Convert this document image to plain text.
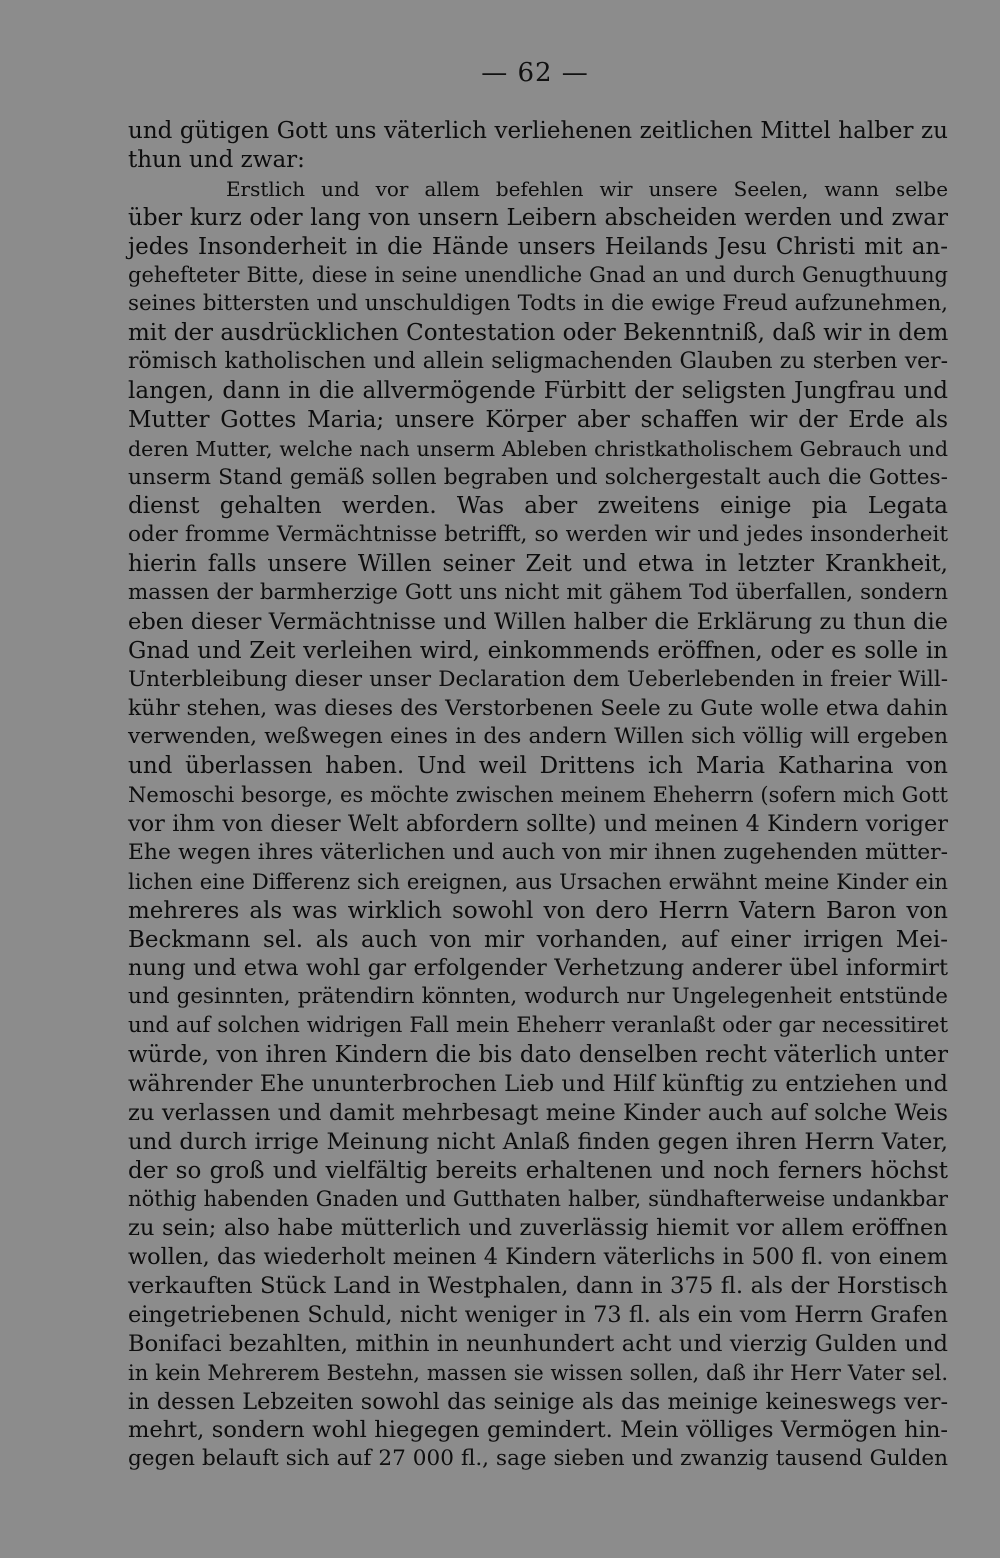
— 62 —
und gütigen Gott uns väterlich verliehenen zeitlichen Mittel halber zu
thun und zwar:
Erstlich und vor allem befehlen wir unsere Seelen, wann selbe
über kurz oder lang von unsern Leibern abscheiden werden und zwar
jedes Insonderheit in die Hände unsers Heilands Jesu Christi mit an-
gehefteter Bitte, diese in seine unendliche Gnad an und durch Genugthuung
seines bittersten und unschuldigen Todts in die ewige Freud aufzunehmen,
mit der ausdrücklichen Contestation oder Bekenntniß, daß wir in dem
römisch katholischen und allein seligmachenden Glauben zu sterben ver-
langen, dann in die allvermögende Fürbitt der seligsten Jungfrau und
Mutter Gottes Maria; unsere Körper aber schaffen wir der Erde als
deren Mutter, welche nach unserm Ableben christkatholischem Gebrauch und
unserm Stand gemäß sollen begraben und solchergestalt auch die Gottes-
dienst gehalten werden. Was aber zweitens einige pia Legata
oder fromme Vermächtnisse betrifft, so werden wir und jedes insonderheit
hierin falls unsere Willen seiner Zeit und etwa in letzter Krankheit,
massen der barmherzige Gott uns nicht mit gähem Tod überfallen, sondern
eben dieser Vermächtnisse und Willen halber die Erklärung zu thun die
Gnad und Zeit verleihen wird, einkommends eröffnen, oder es solle in
Unterbleibung dieser unser Declaration dem Ueberlebenden in freier Will-
kühr stehen, was dieses des Verstorbenen Seele zu Gute wolle etwa dahin
verwenden, weßwegen eines in des andern Willen sich völlig will ergeben
und überlassen haben. Und weil Drittens ich Maria Katharina von
Nemoschi besorge, es möchte zwischen meinem Eheherrn (sofern mich Gott
vor ihm von dieser Welt abfordern sollte) und meinen 4 Kindern voriger
Ehe wegen ihres väterlichen und auch von mir ihnen zugehenden mütter-
lichen eine Differenz sich ereignen, aus Ursachen erwähnt meine Kinder ein
mehreres als was wirklich sowohl von dero Herrn Vatern Baron von
Beckmann sel. als auch von mir vorhanden, auf einer irrigen Mei-
nung und etwa wohl gar erfolgender Verhetzung anderer übel informirt
und gesinnten, prätendirn könnten, wodurch nur Ungelegenheit entstünde
und auf solchen widrigen Fall mein Eheherr veranlaßt oder gar necessitiret
würde, von ihren Kindern die bis dato denselben recht väterlich unter
währender Ehe ununterbrochen Lieb und Hilf künftig zu entziehen und
zu verlassen und damit mehrbesagt meine Kinder auch auf solche Weis
und durch irrige Meinung nicht Anlaß finden gegen ihren Herrn Vater,
der so groß und vielfältig bereits erhaltenen und noch ferners höchst
nöthig habenden Gnaden und Gutthaten halber, sündhafterweise undankbar
zu sein; also habe mütterlich und zuverlässig hiemit vor allem eröffnen
wollen, das wiederholt meinen 4 Kindern väterlichs in 500 fl. von einem
verkauften Stück Land in Westphalen, dann in 375 fl. als der Horstisch
eingetriebenen Schuld, nicht weniger in 73 fl. als ein vom Herrn Grafen
Bonifaci bezahlten, mithin in neunhundert acht und vierzig Gulden und
in kein Mehrerem Bestehn, massen sie wissen sollen, daß ihr Herr Vater sel.
in dessen Lebzeiten sowohl das seinige als das meinige keineswegs ver-
mehrt, sondern wohl hiegegen gemindert. Mein völliges Vermögen hin-
gegen belauft sich auf 27 000 fl., sage sieben und zwanzig tausend Gulden
